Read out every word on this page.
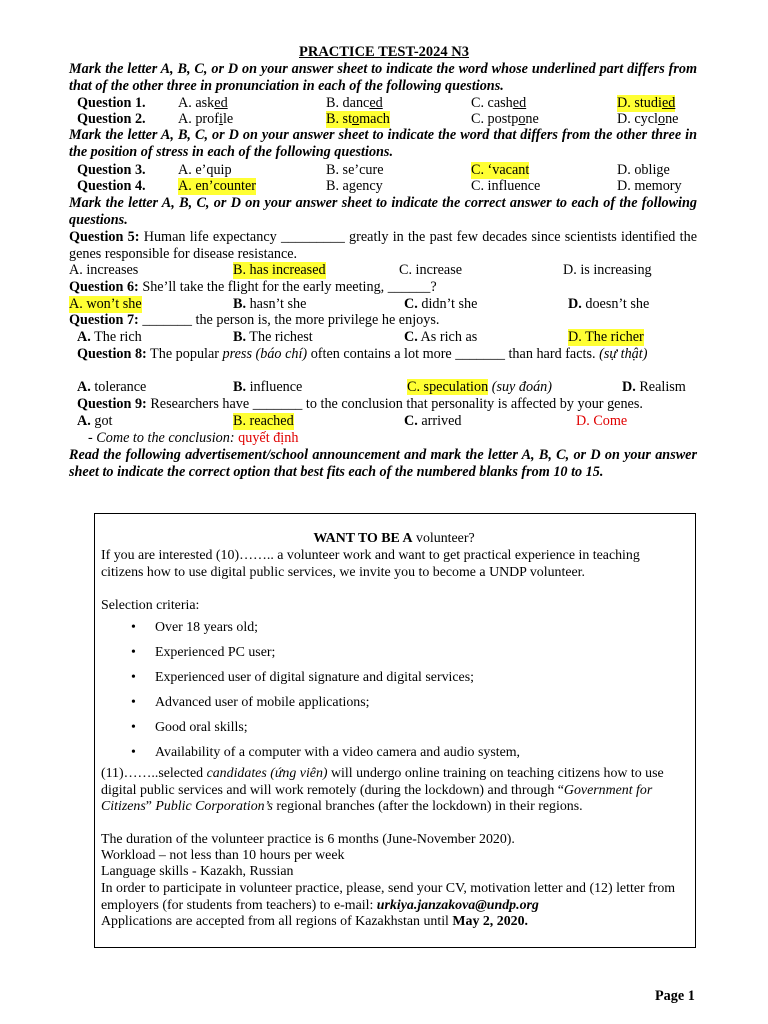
PRACTICE TEST-2024 N3
Mark the letter A, B, C, or D on your answer sheet to indicate the word whose underlined part differs from that of the other three in pronunciation in each of the following questions.
Question 1. A. asked	B. danced	C. cashed	D. studied
Question 2. A. profile	B. stomach	C. postpone	D. cyclone
Mark the letter A, B, C, or D on your answer sheet to indicate the word that differs from the other three in the position of stress in each of the following questions.
Question 3. A. e’quip	B. se’cure	C. ‘vacant	D. oblige
Question 4. A. en’counter	B. agency	C. influence	D. memory
Mark the letter A, B, C, or D on your answer sheet to indicate the correct answer to each of the following questions.
Question 5: Human life expectancy _________ greatly in the past few decades since scientists identified the genes responsible for disease resistance.
A. increases	B. has increased	C. increase	D. is increasing
Question 6: She’ll take the flight for the early meeting, ______?
A. won’t she	B. hasn’t she	C. didn’t she	D. doesn’t she
Question 7: _______ the person is, the more privilege he enjoys.
A. The rich	B. The richest	C. As rich as	D. The richer
Question 8: The popular press (báo chí) often contains a lot more _______ than hard facts. (sự thật)
A. tolerance	B. influence	C. speculation (suy đoán)	D. Realism
Question 9: Researchers have _______ to the conclusion that personality is affected by your genes.
A. got	B. reached	C. arrived	D. Come
- Come to the conclusion: quyết định
Read the following advertisement/school announcement and mark the letter A, B, C, or D on your answer sheet to indicate the correct option that best fits each of the numbered blanks from 10 to 15.
WANT TO BE A volunteer?
If you are interested (10)…….. a volunteer work and want to get practical experience in teaching citizens how to use digital public services, we invite you to become a UNDP volunteer.
Selection criteria:
• Over 18 years old;
• Experienced PC user;
• Experienced user of digital signature and digital services;
• Advanced user of mobile applications;
• Good oral skills;
• Availability of a computer with a video camera and audio system,
(11)……..selected candidates (ứng viên) will undergo online training on teaching citizens how to use digital public services and will work remotely (during the lockdown) and through “Government for Citizens” Public Corporation’s regional branches (after the lockdown) in their regions.
The duration of the volunteer practice is 6 months (June-November 2020).
Workload – not less than 10 hours per week
Language skills - Kazakh, Russian
In order to participate in volunteer practice, please, send your CV, motivation letter and (12) letter from employers (for students from teachers) to e-mail: urkiya.janzakova@undp.org
Applications are accepted from all regions of Kazakhstan until May 2, 2020.
Page 1
